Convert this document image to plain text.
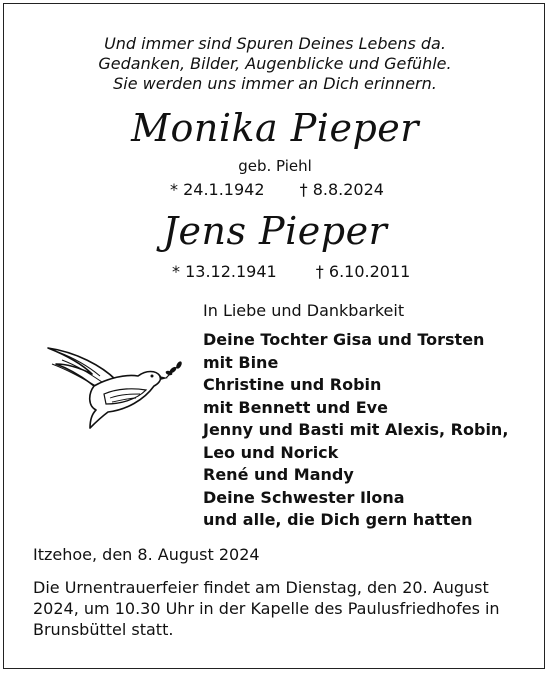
Und immer sind Spuren Deines Lebens da.
Gedanken, Bilder, Augenblicke und Gefühle.
Sie werden uns immer an Dich erinnern.
Monika Pieper
geb. Piehl
* 24.1.1942 † 8.8.2024
Jens Pieper
* 13.12.1941 † 6.10.2011
In Liebe und Dankbarkeit
Deine Tochter Gisa und Torsten
mit Bine
Christine und Robin
mit Bennett und Eve
Jenny und Basti mit Alexis, Robin,
Leo und Norick
René und Mandy
Deine Schwester Ilona
und alle, die Dich gern hatten
Itzehoe, den 8. August 2024
Die Urnentrauerfeier findet am Dienstag, den 20. August 2024, um 10.30 Uhr in der Kapelle des Paulusfriedhofes in Brunsbüttel statt.
